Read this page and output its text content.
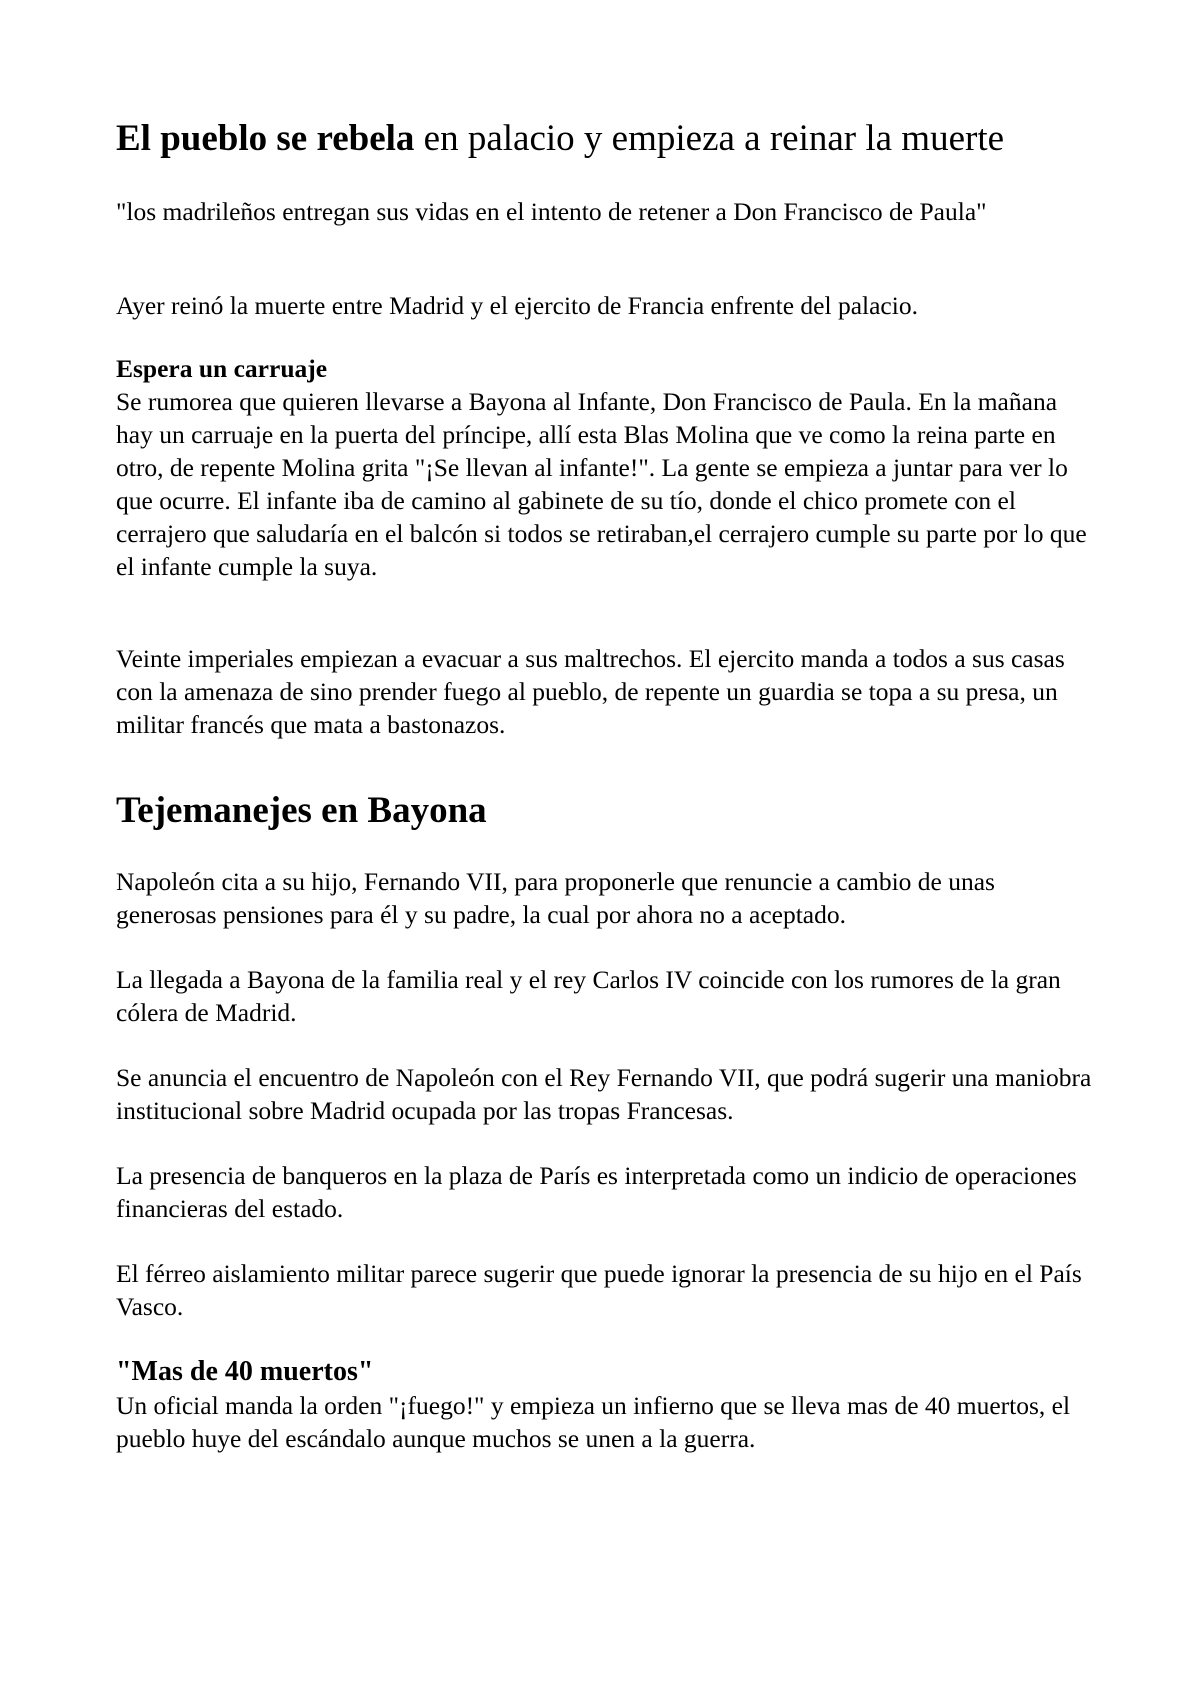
El pueblo se rebela en palacio y empieza a reinar la muerte

"los madrileños entregan sus vidas en el intento de retener a Don Francisco de Paula"

Ayer reinó la muerte entre Madrid y el ejercito de Francia enfrente del palacio.

Espera un carruaje
Se rumorea que quieren llevarse a Bayona al Infante, Don Francisco de Paula. En la mañana hay un carruaje en la puerta del príncipe, allí esta Blas Molina que ve como la reina parte en otro, de repente Molina grita "¡Se llevan al infante!". La gente se empieza a juntar para ver lo que ocurre. El infante iba de camino al gabinete de su tío, donde el chico promete con el cerrajero que saludaría en el balcón si todos se retiraban,el cerrajero cumple su parte por lo que el infante cumple la suya.

Veinte imperiales empiezan a evacuar a sus maltrechos. El ejercito manda a todos a sus casas con la amenaza de sino prender fuego al pueblo, de repente un guardia se topa a su presa, un militar francés que mata a bastonazos.

Tejemanejes en Bayona

Napoleón cita a su hijo, Fernando VII, para proponerle que renuncie a cambio de unas generosas pensiones para él y su padre, la cual por ahora no a aceptado.

La llegada a Bayona de la familia real y el rey Carlos IV coincide con los rumores de la gran cólera de Madrid.

Se anuncia el encuentro de Napoleón con el Rey Fernando VII, que podrá sugerir una maniobra institucional sobre Madrid ocupada por las tropas Francesas.

La presencia de banqueros en la plaza de París es interpretada como un indicio de operaciones financieras del estado.

El férreo aislamiento militar parece sugerir que puede ignorar la presencia de su hijo en el País Vasco.

"Mas de 40 muertos"

Un oficial manda la orden "¡fuego!" y empieza un infierno que se lleva mas de 40 muertos, el pueblo huye del escándalo aunque muchos se unen a la guerra.
